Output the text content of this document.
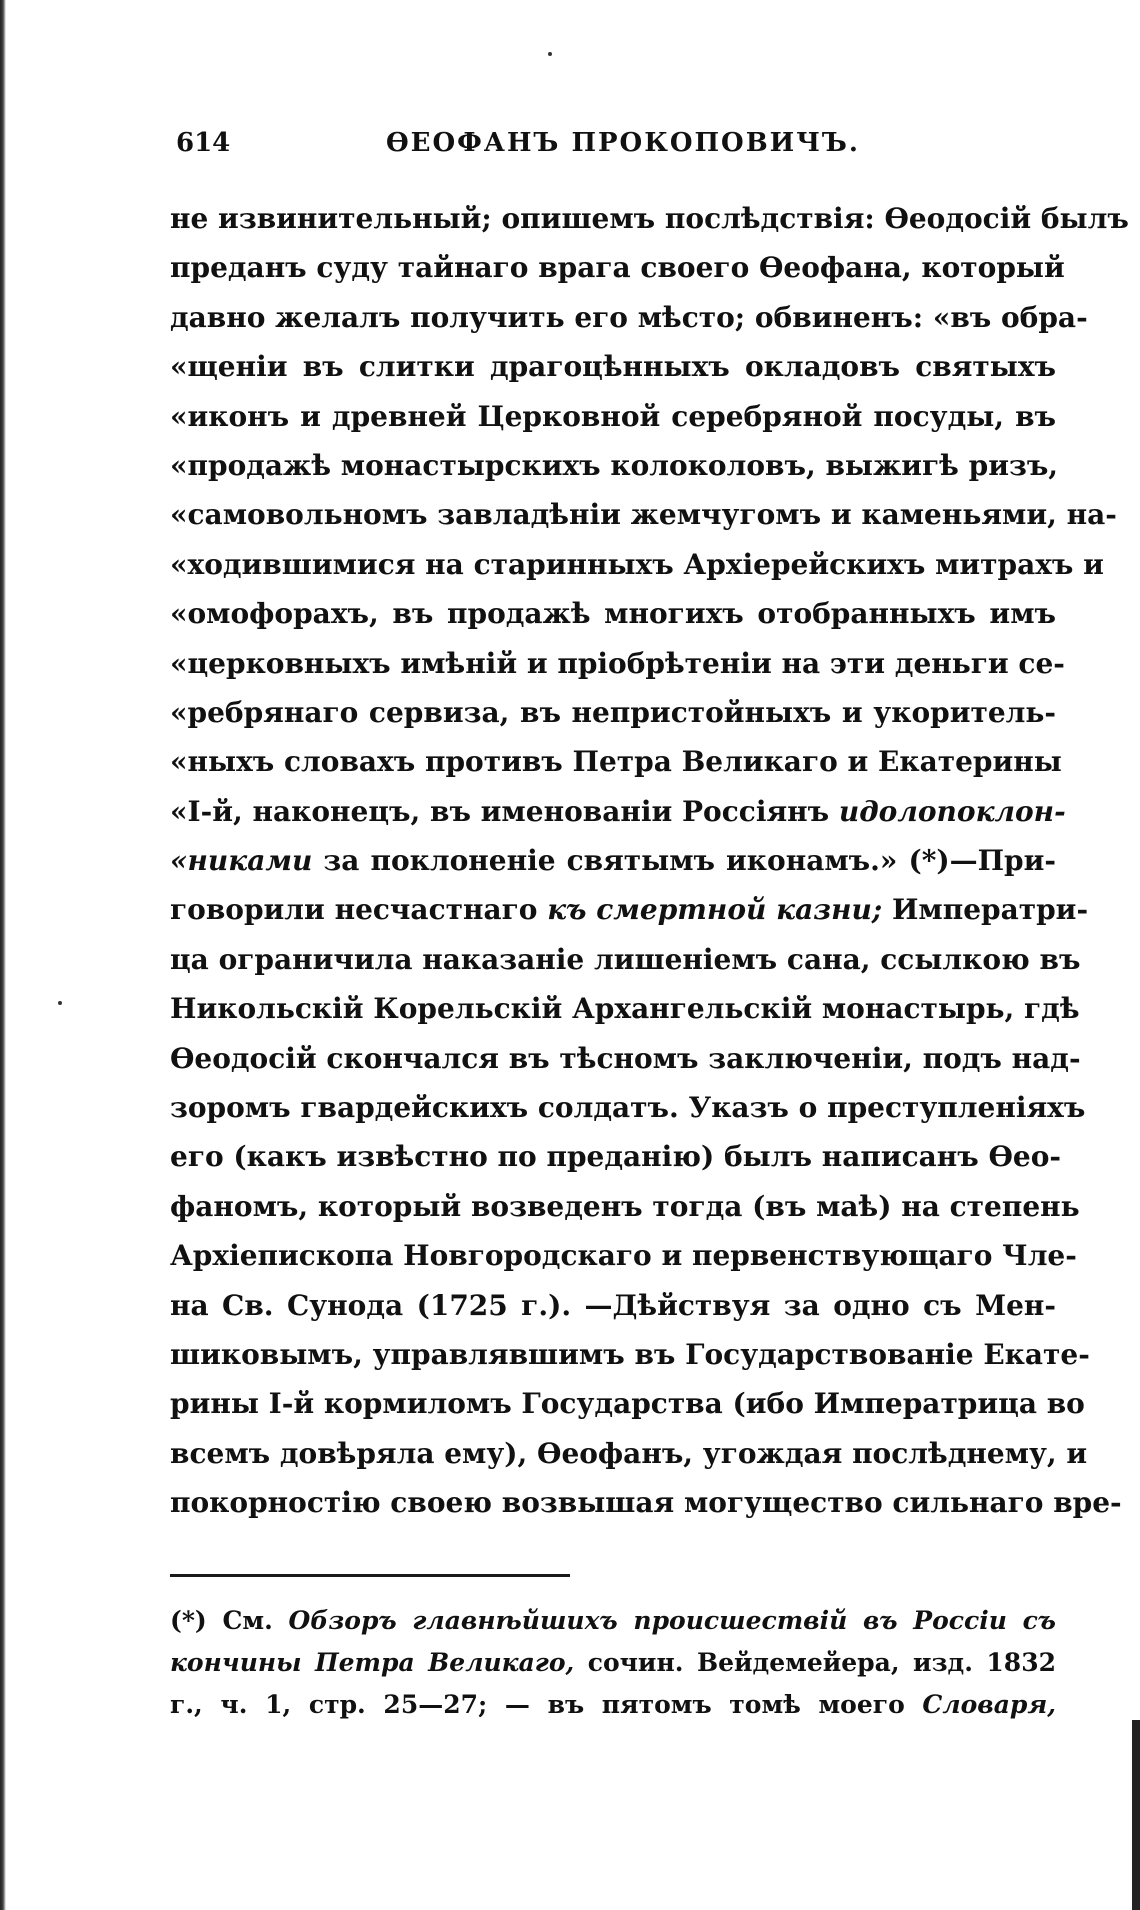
614	ѲЕОФАНЪ ПРОКОПОВИЧЪ.
не извинительный; опишемъ послѣдствія: Ѳеодосій былъ
преданъ суду тайнаго врага своего Ѳеофана, который
давно желалъ получить его мѣсто; обвиненъ: «въ обра-
«щеніи въ слитки драгоцѣнныхъ окладовъ святыхъ
«иконъ и древней Церковной серебряной посуды, въ
«продажѣ монастырскихъ колоколовъ, выжигѣ ризъ,
«самовольномъ завладѣніи жемчугомъ и каменьями, на-
«ходившимися на старинныхъ Архіерейскихъ митрахъ и
«омофорахъ, въ продажѣ многихъ отобранныхъ имъ
«церковныхъ имѣній и пріобрѣтеніи на эти деньги се-
«ребрянаго сервиза, въ непристойныхъ и укоритель-
«ныхъ словахъ противъ Петра Великаго и Екатерины
«I-й, наконецъ, въ именованіи Россіянъ идолопоклон-
«никами за поклоненіе святымъ иконамъ.» (*)—При-
говорили несчастнаго къ смертной казни; Императри-
ца ограничила наказаніе лишеніемъ сана, ссылкою въ
Никольскій Корельскій Архангельскій монастырь, гдѣ
Ѳеодосій скончался въ тѣсномъ заключеніи, подъ над-
зоромъ гвардейскихъ солдатъ. Указъ о преступленіяхъ
его (какъ извѣстно по преданію) былъ написанъ Ѳео-
фаномъ, который возведенъ тогда (въ маѣ) на степень
Архіепископа Новгородскаго и первенствующаго Чле-
на Св. Сунода (1725 г.). —Дѣйствуя за одно съ Мен-
шиковымъ, управлявшимъ въ Государствованіе Екате-
рины I-й кормиломъ Государства (ибо Императрица во
всемъ довѣряла ему), Ѳеофанъ, угождая послѣднему, и
покорностію своею возвышая могущество сильнаго вре-
(*) См. Обзоръ главнѣйшихъ происшествій въ Россіи съ
кончины Петра Великаго, сочин. Вейдемейера, изд. 1832
г., ч. 1, стр. 25—27; — въ пятомъ томѣ моего Словаря,
